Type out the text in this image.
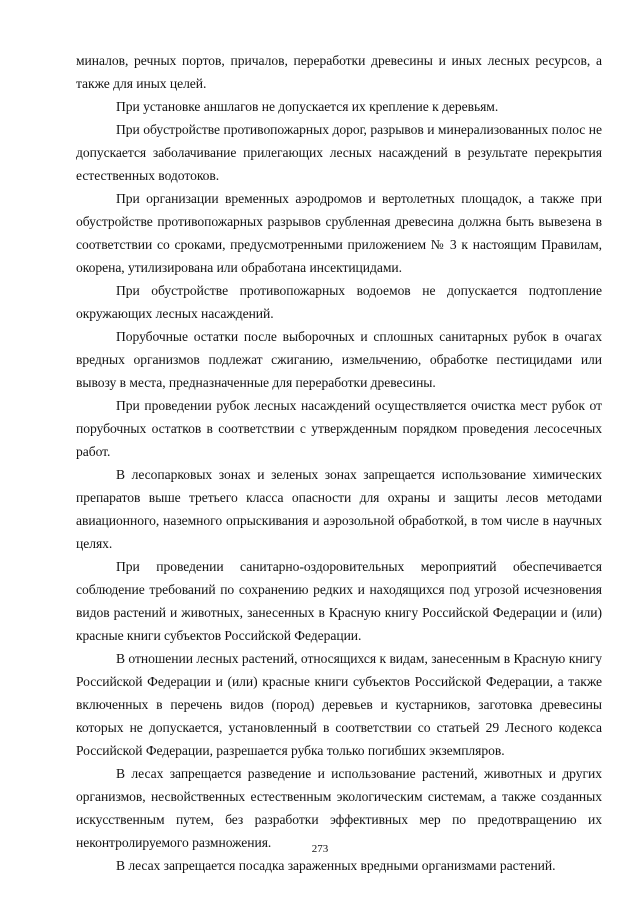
миналов, речных портов, причалов, переработки древесины и иных лесных ресурсов, а также для иных целей.

При установке аншлагов не допускается их крепление к деревьям.

При обустройстве противопожарных дорог, разрывов и минерализованных полос не допускается заболачивание прилегающих лесных насаждений в результате перекрытия естественных водотоков.

При организации временных аэродромов и вертолетных площадок, а также при обустройстве противопожарных разрывов срубленная древесина должна быть вывезена в соответствии со сроками, предусмотренными приложением № 3 к настоящим Правилам, окорена, утилизирована или обработана инсектицидами.

При обустройстве противопожарных водоемов не допускается подтопление окружающих лесных насаждений.

Порубочные остатки после выборочных и сплошных санитарных рубок в очагах вредных организмов подлежат сжиганию, измельчению, обработке пестицидами или вывозу в места, предназначенные для переработки древесины.

При проведении рубок лесных насаждений осуществляется очистка мест рубок от порубочных остатков в соответствии с утвержденным порядком проведения лесосечных работ.

В лесопарковых зонах и зеленых зонах запрещается использование химических препаратов выше третьего класса опасности для охраны и защиты лесов методами авиационного, наземного опрыскивания и аэрозольной обработкой, в том числе в научных целях.

При проведении санитарно-оздоровительных мероприятий обеспечивается соблюдение требований по сохранению редких и находящихся под угрозой исчезновения видов растений и животных, занесенных в Красную книгу Российской Федерации и (или) красные книги субъектов Российской Федерации.

В отношении лесных растений, относящихся к видам, занесенным в Красную книгу Российской Федерации и (или) красные книги субъектов Российской Федерации, а также включенных в перечень видов (пород) деревьев и кустарников, заготовка древесины которых не допускается, установленный в соответствии со статьей 29 Лесного кодекса Российской Федерации, разрешается рубка только погибших экземпляров.

В лесах запрещается разведение и использование растений, животных и других организмов, несвойственных естественным экологическим системам, а также созданных искусственным путем, без разработки эффективных мер по предотвращению их неконтролируемого размножения.

В лесах запрещается посадка зараженных вредными организмами растений.

273
